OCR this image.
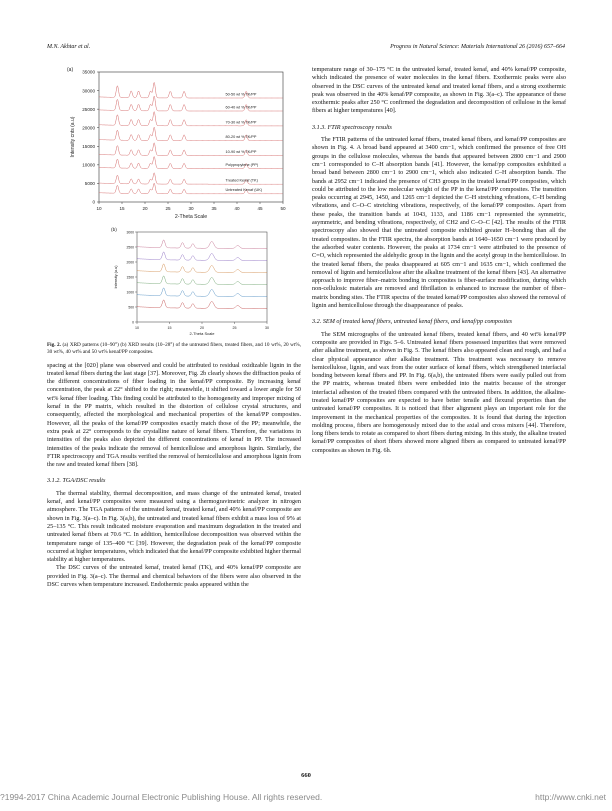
M.N. Akhtar et al.	Progress in Natural Science: Materials International 26 (2016) 657–664
(a)
0
5000
10000
15000
20000
25000
30000
35000
10	15	20	25	30	35	40	45	50
2-Theta Scale
Intensity cnts (a.u)
50-50 wt % TK/PP
60-40 wt % TK/PP
70-30 wt % TK/PP
80-20 wt % TK/PP
10-90 wt % TK/PP
Polypropylene (PP)
Treated Kenaf (TK)
Untreated Kenaf (UK)
(b)
0
500
1000
1500
2000
2500
3000
10	15	20	25	30
2-Theta Scale
Intensity (a.u)
Fig. 2. (a) XRD patterns (10–90°) (b) XRD results (10–28°) of the untreated fibers, treated fibers, and 10 wt%, 20 wt%, 30 wt%, 40 wt% and 50 wt% kenaf/PP composites.

spacing at the [020] plane was observed and could be attributed to residual oxidizable lignin in the treated kenaf fibers during the last stage [37]. Moreover, Fig. 2b clearly shows the diffraction peaks of the different concentrations of fiber loading in the kenaf/PP composite. By increasing kenaf concentration, the peak at 22° shifted to the right; meanwhile, it shifted toward a lower angle for 50 wt% kenaf fiber loading. This finding could be attributed to the homogeneity and improper mixing of kenaf in the PP matrix, which resulted in the distortion of cellulose crystal structures, and consequently, affected the morphological and mechanical properties of the kenaf/PP composites. However, all the peaks of the kenaf/PP composites exactly match those of the PP; meanwhile, the extra peak at 22° corresponds to the crystalline nature of kenaf fibers. Therefore, the variations in intensities of the peaks also depicted the different concentrations of kenaf in PP. The increased intensities of the peaks indicate the removal of hemicellulose and amorphous lignin. Similarly, the FTIR spectroscopy and TGA results verified the removal of hemicellulose and amorphous lignin from the raw and treated kenaf fibers [38].

3.1.2. TGA/DSC results

The thermal stability, thermal decomposition, and mass change of the untreated kenaf, treated kenaf, and kenaf/PP composites were measured using a thermogravimetric analyzer in nitrogen atmosphere. The TGA patterns of the untreated kenaf, treated kenaf, and 40% kenaf/PP composite are shown in Fig. 3(a–c). In Fig. 3(a,b), the untreated and treated kenaf fibers exhibit a mass loss of 9% at 25–135 °C. This result indicated moisture evaporation and maximum degradation in the treated and untreated kenaf fibers at 70.6 °C. In addition, hemicellulose decomposition was observed within the temperature range of 135–400 °C [39]. However, the degradation peak of the kenaf/PP composite occurred at higher temperatures, which indicated that the kenaf/PP composite exhibited higher thermal stability at higher temperatures.

The DSC curves of the untreated kenaf, treated kenaf (TK), and 40% kenaf/PP composite are provided in Fig. 3(a–c). The thermal and chemical behaviors of the fibers were also observed in the DSC curves when temperature increased. Endothermic peaks appeared within the

temperature range of 30–175 °C in the untreated kenaf, treated kenaf, and 40% kenaf/PP composite, which indicated the presence of water molecules in the kenaf fibers. Exothermic peaks were also observed in the DSC curves of the untreated kenaf and treated kenaf fibers, and a strong exothermic peak was observed in the 40% kenaf/PP composite, as shown in Fig. 3(a–c). The appearance of these exothermic peaks after 250 °C confirmed the degradation and decomposition of cellulose in the kenaf fibers at higher temperatures [40].

3.1.3. FTIR spectroscopy results

The FTIR patterns of the untreated kenaf fibers, treated kenaf fibers, and kenaf/PP composites are shown in Fig. 4. A broad band appeared at 3400 cm−1, which confirmed the presence of free OH groups in the cellulose molecules, whereas the bands that appeared between 2800 cm−1 and 2900 cm−1 corresponded to C–H absorption bands [41]. However, the kenaf/pp composites exhibited a broad band between 2800 cm−1 to 2900 cm−1, which also indicated C–H absorption bands. The bands at 2952 cm−1 indicated the presence of CH3 groups in the treated kenaf/PP composites, which could be attributed to the low molecular weight of the PP in the kenaf/PP composites. The transition peaks occurring at 2945, 1450, and 1265 cm−1 depicted the C–H stretching vibrations, C–H bending vibrations, and C–O–C stretching vibrations, respectively, of the kenaf/PP composites. Apart from these peaks, the transition bands at 1043, 1133, and 1186 cm−1 represented the symmetric, asymmetric, and bending vibrations, respectively, of CH2 and C–O–C [42]. The results of the FTIR spectroscopy also showed that the untreated composite exhibited greater H–bonding than all the treated composites. In the FTIR spectra, the absorption bands at 1640–1650 cm−1 were produced by the adsorbed water contents. However, the peaks at 1734 cm−1 were attributed to the presence of C=O, which represented the aldehydic group in the lignin and the acetyl group in the hemicellulose. In the treated kenaf fibers, the peaks disappeared at 605 cm−1 and 1635 cm−1, which confirmed the removal of lignin and hemicellulose after the alkaline treatment of the kenaf fibers [43]. An alternative approach to improve fiber–matrix bonding in composites is fiber-surface modification, during which non-cellulosic materials are removed and fibrillation is enhanced to increase the number of fiber–matrix bonding sites. The FTIR spectra of the treated kenaf/PP composites also showed the removal of lignin and hemicellulose through the disappearance of peaks.

3.2. SEM of treated kenaf fibers, untreated kenaf fibers, and kenaf/pp composites

The SEM micrographs of the untreated kenaf fibers, treated kenaf fibers, and 40 wt% kenaf/PP composite are provided in Figs. 5–6. Untreated kenaf fibers possessed impurities that were removed after alkaline treatment, as shown in Fig. 5. The kenaf fibers also appeared clean and rough, and had a clear physical appearance after alkaline treatment. This treatment was necessary to remove hemicellulose, lignin, and wax from the outer surface of kenaf fibers, which strengthened interfacial bonding between kenaf fibers and PP. In Fig. 6(a,b), the untreated fibers were easily pulled out from the PP matrix, whereas treated fibers were embedded into the matrix because of the stronger interfacial adhesion of the treated fibers compared with the untreated fibers. In addition, the alkaline-treated kenaf/PP composites are expected to have better tensile and flexural properties than the untreated kenaf/PP composites. It is noticed that fiber alignment plays an important role for the improvement in the mechanical properties of the composites. It is found that during the injection molding process, fibers are homogenously mixed due to the axial and cross mixers [44]. Therefore, long fibers tends to rotate as compared to short fibers during mixing. In this study, the alkaline treated kenaf/PP composites of short fibers showed more aligned fibers as compared to untreated kenaf/PP composites as shown in Fig. 6h.

660
?1994-2017 China Academic Journal Electronic Publishing House. All rights reserved.	http://www.cnki.net
